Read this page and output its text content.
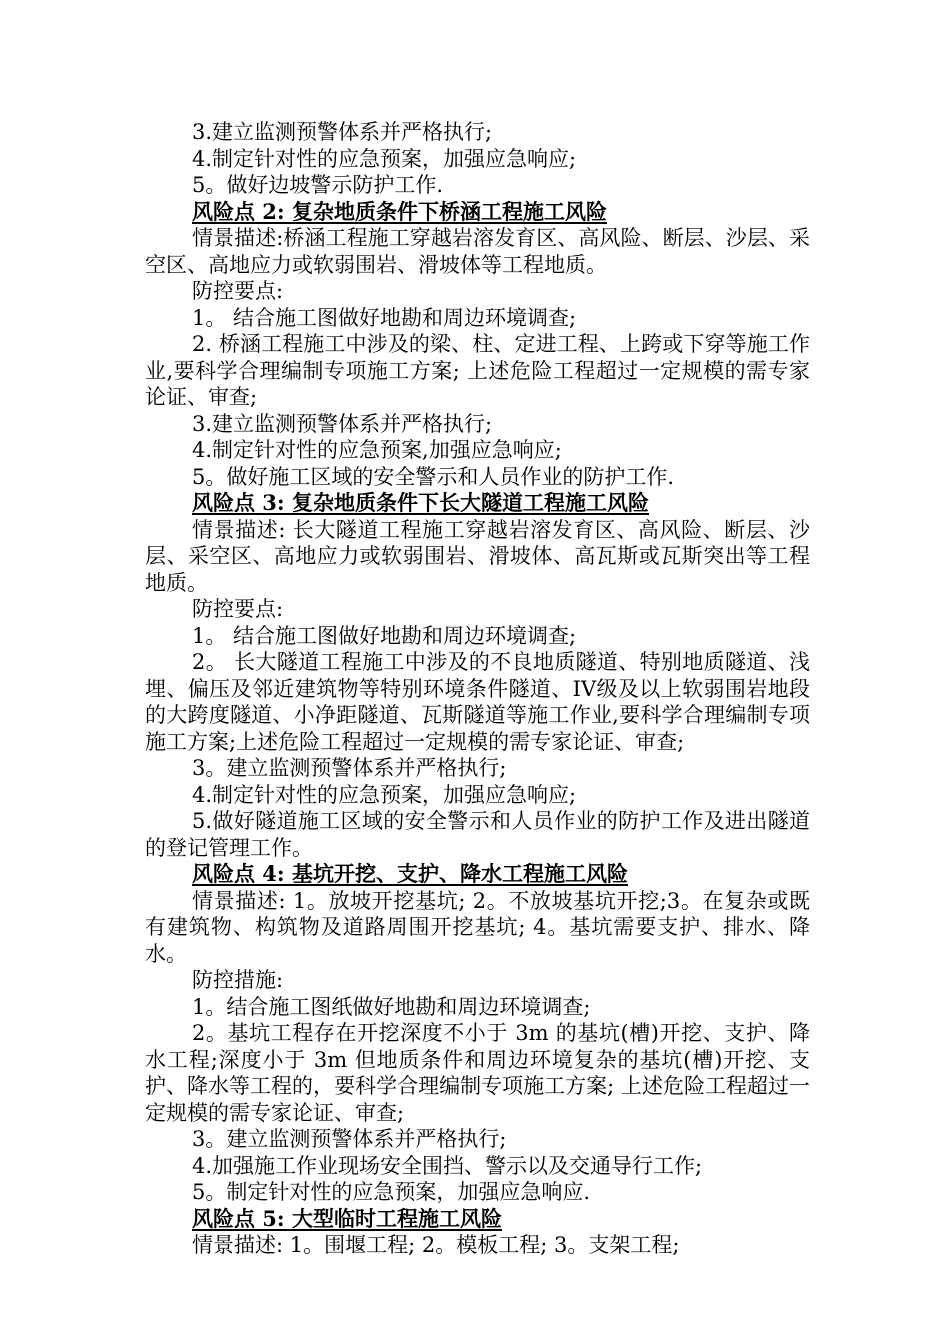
3.建立监测预警体系并严格执行;

4.制定针对性的应急预案，加强应急响应;

5。做好边坡警示防护工作.

风险点 2: 复杂地质条件下桥涵工程施工风险

情景描述:桥涵工程施工穿越岩溶发育区、高风险、断层、沙层、采空区、高地应力或软弱围岩、滑坡体等工程地质。

防控要点:

1。 结合施工图做好地勘和周边环境调查;

2. 桥涵工程施工中涉及的梁、柱、定进工程、上跨或下穿等施工作业,要科学合理编制专项施工方案; 上述危险工程超过一定规模的需专家论证、审查;

3.建立监测预警体系并严格执行;

4.制定针对性的应急预案,加强应急响应;

5。做好施工区域的安全警示和人员作业的防护工作.

风险点 3: 复杂地质条件下长大隧道工程施工风险

情景描述: 长大隧道工程施工穿越岩溶发育区、高风险、断层、沙层、采空区、高地应力或软弱围岩、滑坡体、高瓦斯或瓦斯突出等工程地质。

防控要点:

1。 结合施工图做好地勘和周边环境调查;

2。 长大隧道工程施工中涉及的不良地质隧道、特别地质隧道、浅埋、偏压及邻近建筑物等特别环境条件隧道、IV级及以上软弱围岩地段的大跨度隧道、小净距隧道、瓦斯隧道等施工作业,要科学合理编制专项施工方案;上述危险工程超过一定规模的需专家论证、审查;

3。建立监测预警体系并严格执行;

4.制定针对性的应急预案，加强应急响应;

5.做好隧道施工区域的安全警示和人员作业的防护工作及进出隧道的登记管理工作。

风险点 4: 基坑开挖、支护、降水工程施工风险

情景描述: 1。放坡开挖基坑; 2。不放坡基坑开挖;3。在复杂或既有建筑物、构筑物及道路周围开挖基坑; 4。基坑需要支护、排水、降水。

防控措施:

1。结合施工图纸做好地勘和周边环境调查;

2。基坑工程存在开挖深度不小于 3m 的基坑(槽)开挖、支护、降水工程;深度小于 3m 但地质条件和周边环境复杂的基坑(槽)开挖、支护、降水等工程的，要科学合理编制专项施工方案; 上述危险工程超过一定规模的需专家论证、审查;

3。建立监测预警体系并严格执行;

4.加强施工作业现场安全围挡、警示以及交通导行工作;

5。制定针对性的应急预案，加强应急响应.

风险点 5: 大型临时工程施工风险

情景描述: 1。围堰工程; 2。模板工程; 3。支架工程;
